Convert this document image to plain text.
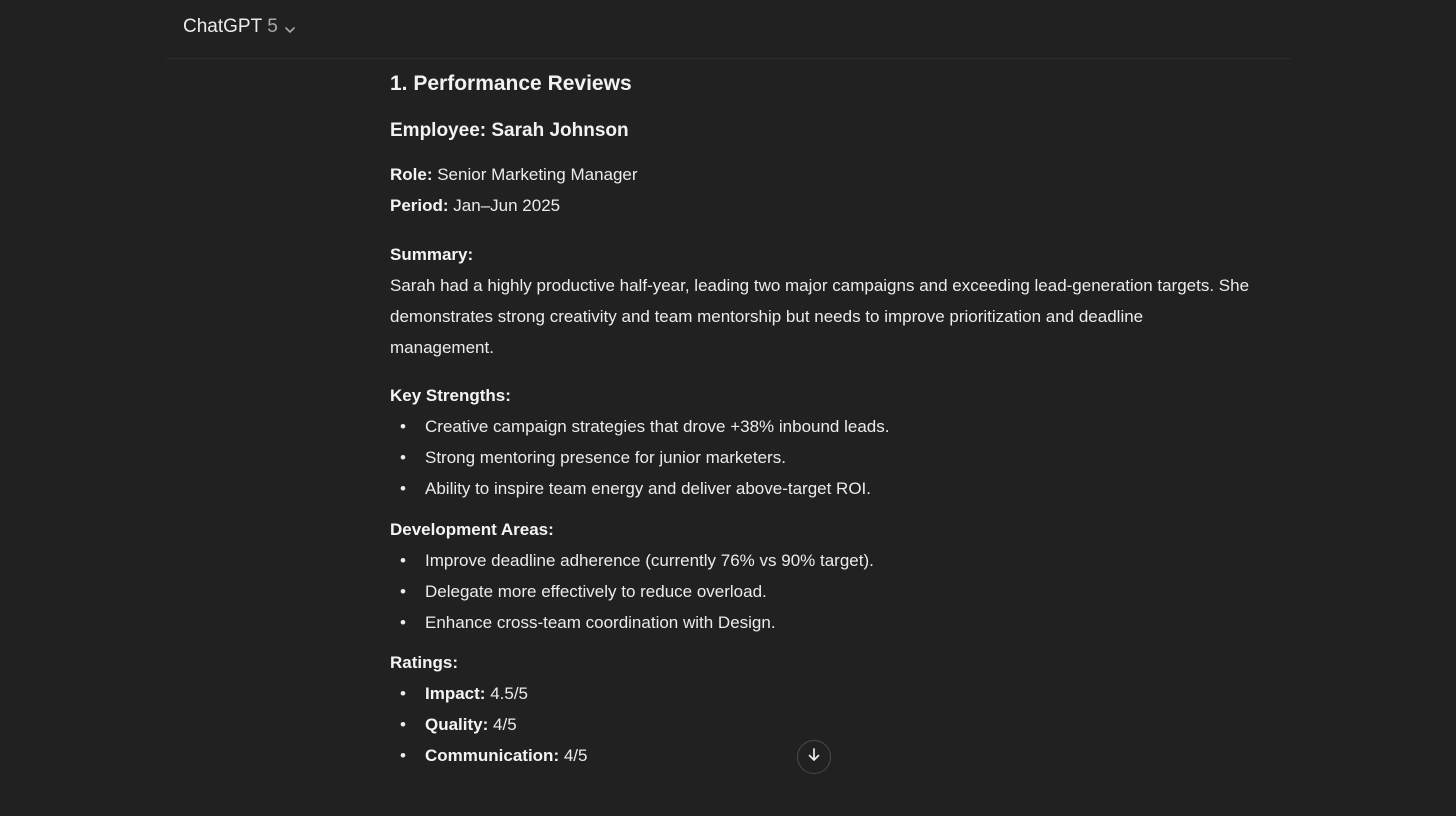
ChatGPT 5
1. Performance Reviews
Employee: Sarah Johnson

Role: Senior Marketing Manager

Period: Jan–Jun 2025

Summary:

Sarah had a highly productive half-year, leading two major campaigns and exceeding lead-generation targets. She demonstrates strong creativity and team mentorship but needs to improve prioritization and deadline management.

Key Strengths:

• Creative campaign strategies that drove +38% inbound leads.
• Strong mentoring presence for junior marketers.
• Ability to inspire team energy and deliver above-target ROI.

Development Areas:

• Improve deadline adherence (currently 76% vs 90% target).
• Delegate more effectively to reduce overload.
• Enhance cross-team coordination with Design.

Ratings:

• Impact: 4.5/5
• Quality: 4/5
• Communication: 4/5
